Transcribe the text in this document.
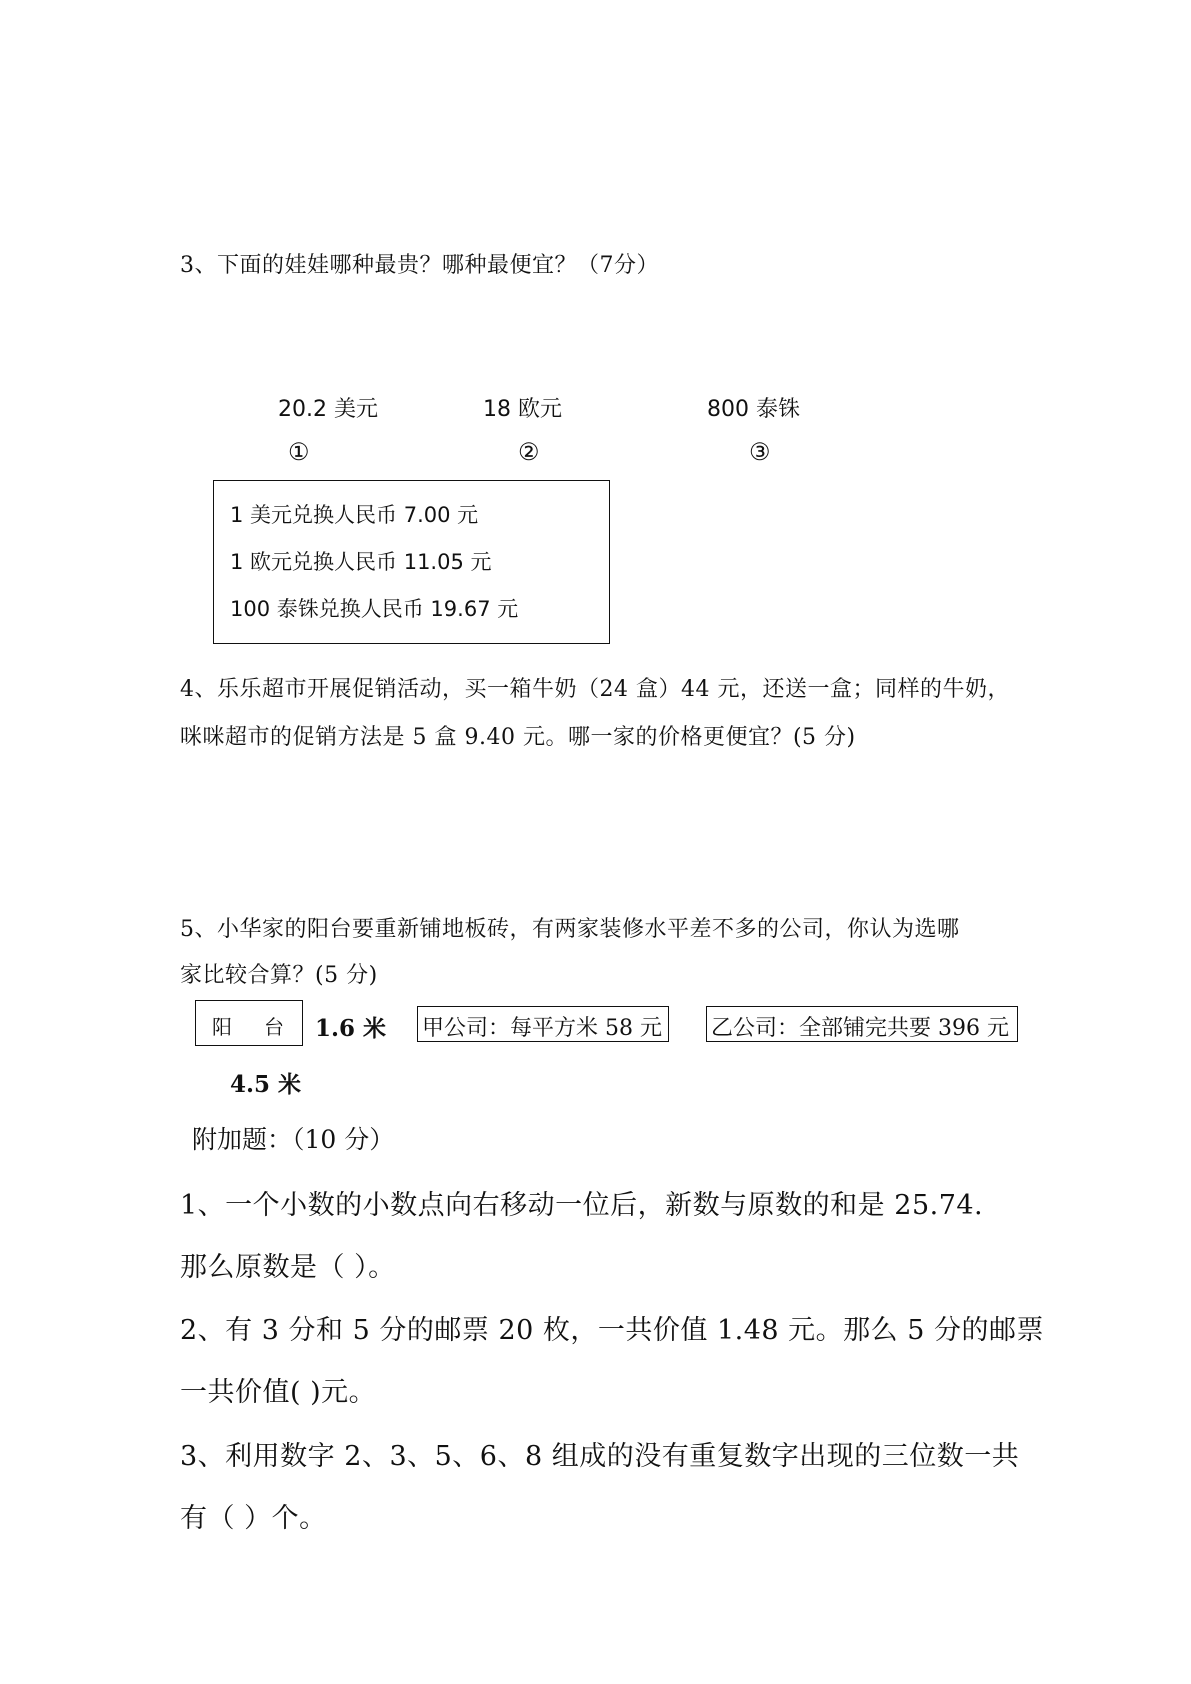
3、下面的娃娃哪种最贵？哪种最便宜？（7分）
20.2 美元	18 欧元	800 泰铢
①	②	③
1 美元兑换人民币 7.00 元
1 欧元兑换人民币 11.05 元
100 泰铢兑换人民币 19.67 元
4、乐乐超市开展促销活动，买一箱牛奶（24 盒）44 元，还送一盒；同样的牛奶，
咪咪超市的促销方法是 5 盒 9.40 元。哪一家的价格更便宜？(5 分)
5、小华家的阳台要重新铺地板砖，有两家装修水平差不多的公司，你认为选哪
家比较合算？(5 分)
阳 台 1.6 米
4.5 米
甲公司：每平方米 58 元	乙公司：全部铺完共要 396 元
附加题：（10 分）
1、一个小数的小数点向右移动一位后，新数与原数的和是 25.74.
那么原数是（ ）。
2、有 3 分和 5 分的邮票 20 枚，一共价值 1.48 元。那么 5 分的邮票
一共价值( )元。
3、利用数字 2、3、5、6、8 组成的没有重复数字出现的三位数一共
有（ ）个。
